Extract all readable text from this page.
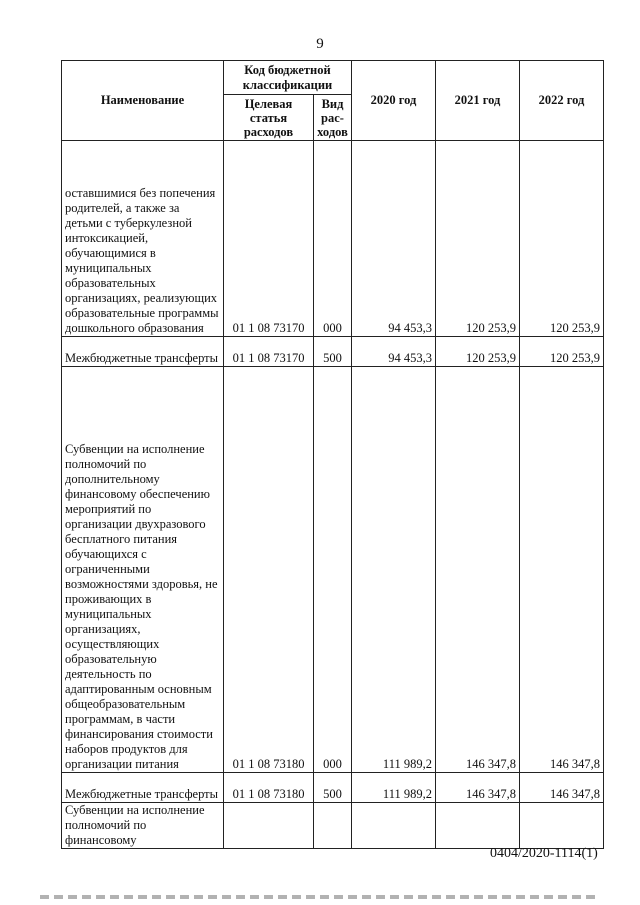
9
Наименование	Код бюджетной классификации		2020 год	2021 год	2022 год
	Целевая статья расходов	Вид рас-ходов			
оставшимися без попечения родителей, а также за детьми с туберкулезной интоксикацией, обучающимися в муниципальных образовательных организациях, реализующих образовательные программы дошкольного образования	01 1 08 73170	000	94 453,3	120 253,9	120 253,9
Межбюджетные трансферты	01 1 08 73170	500	94 453,3	120 253,9	120 253,9
Субвенции на исполнение полномочий по дополнительному финансовому обеспечению мероприятий по организации двухразового бесплатного питания обучающихся с ограниченными возможностями здоровья, не проживающих в муниципальных организациях, осуществляющих образовательную деятельность по адаптированным основным общеобразовательным программам, в части финансирования стоимости наборов продуктов для организации питания	01 1 08 73180	000	111 989,2	146 347,8	146 347,8
Межбюджетные трансферты	01 1 08 73180	500	111 989,2	146 347,8	146 347,8
Субвенции на исполнение полномочий по финансовому					
0404/2020-1114(1)
